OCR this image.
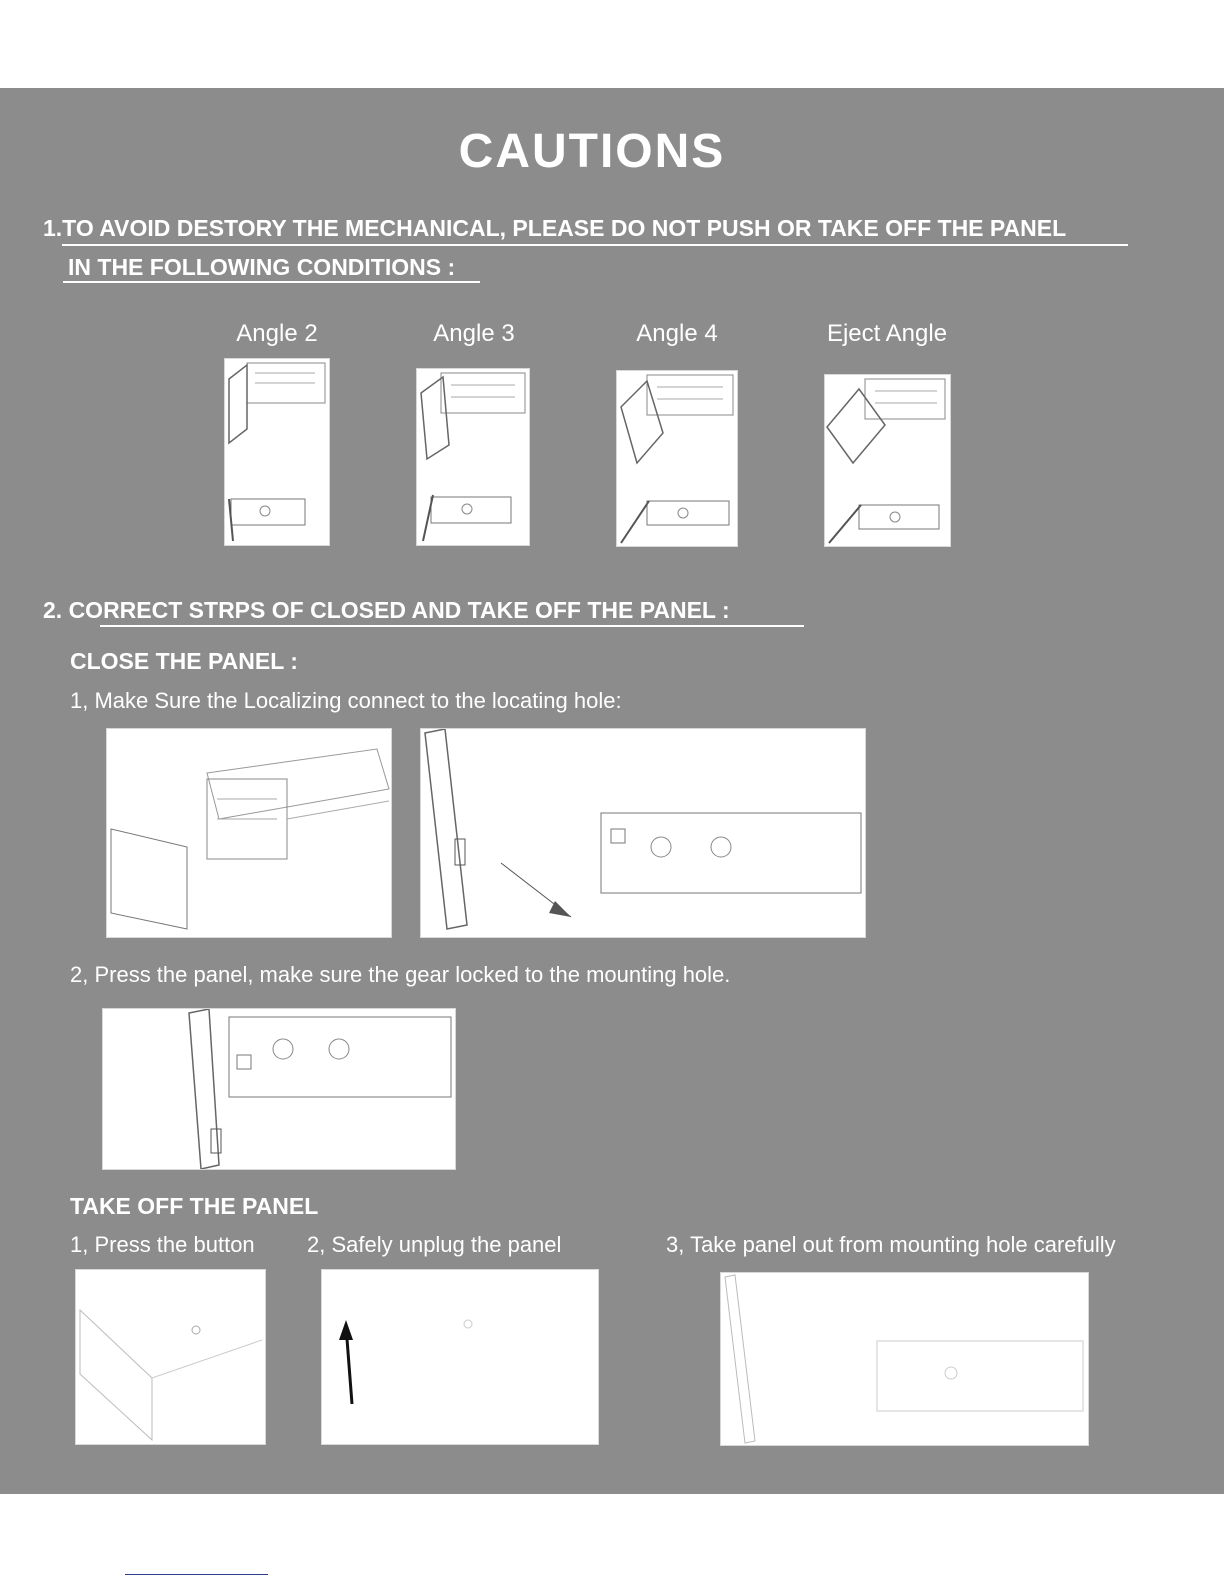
CAUTIONS
1.TO AVOID DESTORY THE MECHANICAL, PLEASE DO NOT PUSH OR TAKE OFF THE PANEL
IN THE FOLLOWING CONDITIONS :
Angle 2	Angle 3	Angle 4	Eject Angle
2. CORRECT STRPS OF CLOSED AND TAKE OFF THE PANEL :
CLOSE THE PANEL :
1, Make Sure the Localizing connect to the locating hole:
2, Press the panel, make sure the gear locked to the mounting hole.
TAKE OFF THE PANEL
1, Press the button 2, Safely unplug the panel	3, Take panel out from mounting hole carefully
